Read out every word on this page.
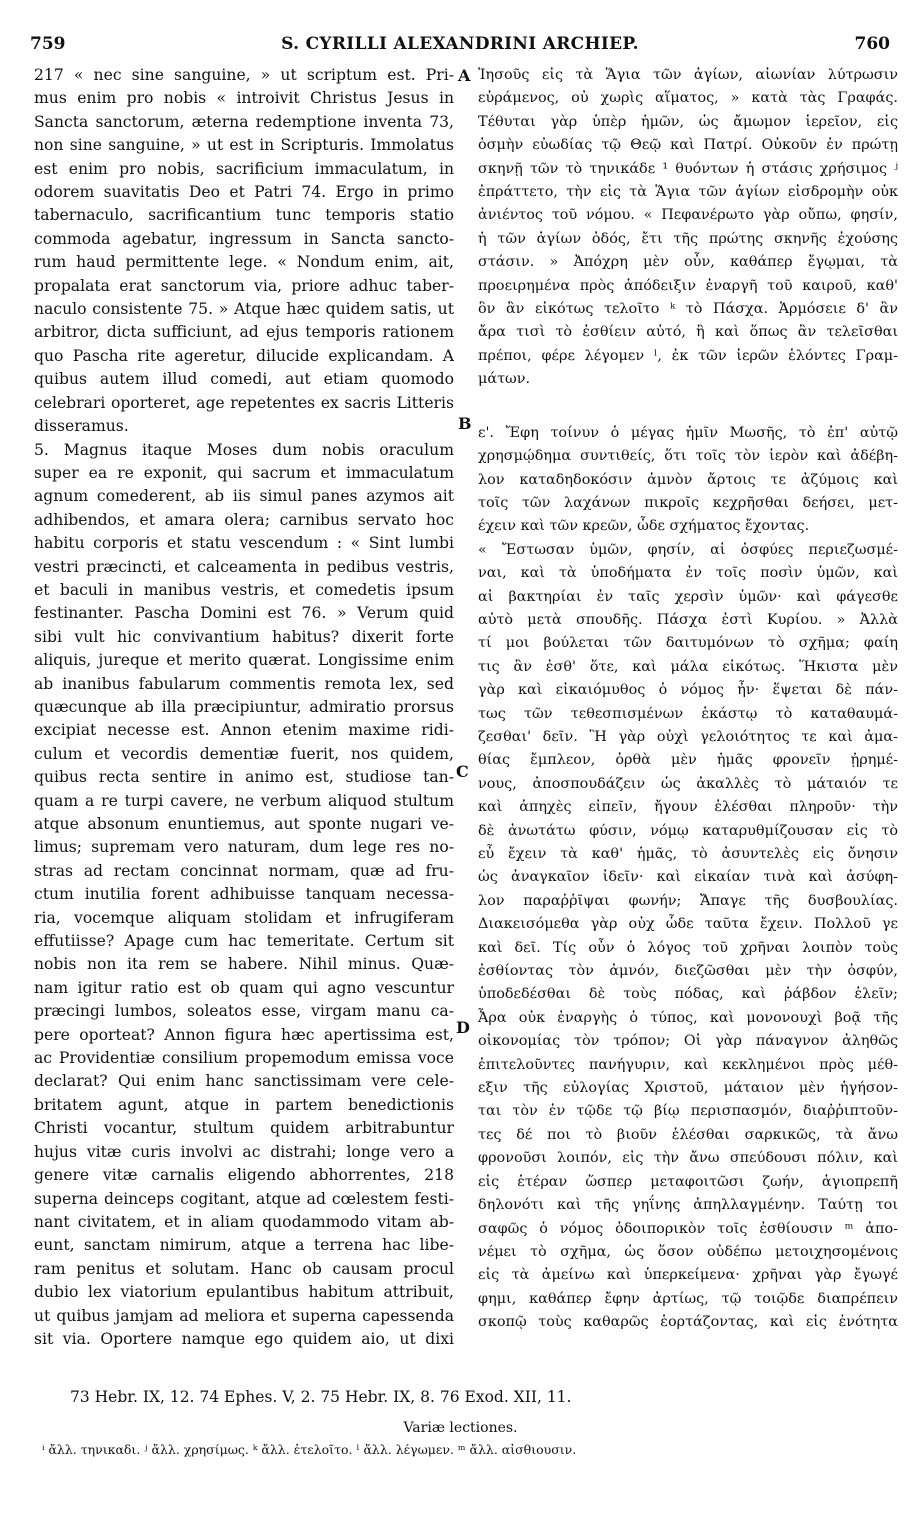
759	S. CYRILLI ALEXANDRINI ARCHIEP.	760
217 « nec sine sanguine, » ut scriptum est. Pri-
mus enim pro nobis « introivit Christus Jesus in
Sancta sanctorum, æterna redemptione inventa 73,
non sine sanguine, » ut est in Scripturis. Immolatus
est enim pro nobis, sacrificium immaculatum, in
odorem suavitatis Deo et Patri 74. Ergo in primo
tabernaculo, sacrificantium tunc temporis statio
commoda agebatur, ingressum in Sancta sancto-
rum haud permittente lege. « Nondum enim, ait,
propalata erat sanctorum via, priore adhuc taber-
naculo consistente 75. » Atque hæc quidem satis, ut
arbitror, dicta sufficiunt, ad ejus temporis rationem
quo Pascha rite ageretur, dilucide explicandam. A
quibus autem illud comedi, aut etiam quomodo
celebrari oporteret, age repetentes ex sacris Litteris
disseramus.
5. Magnus itaque Moses dum nobis oraculum
super ea re exponit, qui sacrum et immaculatum
agnum comederent, ab iis simul panes azymos ait
adhibendos, et amara olera; carnibus servato hoc
habitu corporis et statu vescendum : « Sint lumbi
vestri præcincti, et calceamenta in pedibus vestris,
et baculi in manibus vestris, et comedetis ipsum
festinanter. Pascha Domini est 76. » Verum quid
sibi vult hic convivantium habitus? dixerit forte
aliquis, jureque et merito quærat. Longissime enim
ab inanibus fabularum commentis remota lex, sed
quæcunque ab illa præcipiuntur, admiratio prorsus
excipiat necesse est. Annon etenim maxime ridi-
culum et vecordis dementiæ fuerit, nos quidem,
quibus recta sentire in animo est, studiose tan-
quam a re turpi cavere, ne verbum aliquod stultum
atque absonum enuntiemus, aut sponte nugari ve-
limus; supremam vero naturam, dum lege res no-
stras ad rectam concinnat normam, quæ ad fru-
ctum inutilia forent adhibuisse tanquam necessa-
ria, vocemque aliquam stolidam et infrugiferam
effutiisse? Apage cum hac temeritate. Certum sit
nobis non ita rem se habere. Nihil minus. Quæ-
nam igitur ratio est ob quam qui agno vescuntur
præcingi lumbos, soleatos esse, virgam manu ca-
pere oporteat? Annon figura hæc apertissima est,
ac Providentiæ consilium propemodum emissa voce
declarat? Qui enim hanc sanctissimam vere cele-
britatem agunt, atque in partem benedictionis
Christi vocantur, stultum quidem arbitrabuntur
hujus vitæ curis involvi ac distrahi; longe vero a
genere vitæ carnalis eligendo abhorrentes, 218
superna deinceps cogitant, atque ad cœlestem festi-
nant civitatem, et in aliam quodammodo vitam ab-
eunt, sanctam nimirum, atque a terrena hac libe-
ram penitus et solutam. Hanc ob causam procul
dubio lex viatorium epulantibus habitum attribuit,
ut quibus jamjam ad meliora et superna capessenda
sit via. Oportere namque ego quidem aio, ut dixi
Ἰησοῦς εἰς τὰ Ἅγια τῶν ἁγίων, αἰωνίαν λύτρωσιν
εὑράμενος, οὐ χωρὶς αἵματος, » κατὰ τὰς Γραφάς.
Τέθυται γὰρ ὑπὲρ ἡμῶν, ὡς ἄμωμον ἱερεῖον, εἰς
ὀσμὴν εὐωδίας τῷ Θεῷ καὶ Πατρί. Οὐκοῦν ἐν πρώτῃ
σκηνῇ τῶν τὸ τηνικάδε ¹ θυόντων ἡ στάσις χρήσιμος ʲ
ἐπράττετο, τὴν εἰς τὰ Ἅγια τῶν ἁγίων εἰσδρομὴν οὐκ
ἀνιέντος τοῦ νόμου. « Πεφανέρωτο γὰρ οὔπω, φησίν,
ἡ τῶν ἁγίων ὁδός, ἔτι τῆς πρώτης σκηνῆς ἐχούσης
στάσιν. » Ἀπόχρη μὲν οὖν, καθάπερ ἔγῳμαι, τὰ
προειρημένα πρὸς ἀπόδειξιν ἐναργῆ τοῦ καιροῦ, καθ'
ὃν ἂν εἰκότως τελοῖτο ᵏ τὸ Πάσχα. Ἁρμόσειε δ' ἂν
ἄρα τισὶ τὸ ἐσθίειν αὐτό, ἢ καὶ ὅπως ἂν τελεῖσθαι
πρέποι, φέρε λέγομεν ˡ, ἐκ τῶν ἱερῶν ἑλόντες Γραμ-
μάτων.
ε'. Ἔφη τοίνυν ὁ μέγας ἡμῖν Μωσῆς, τὸ ἐπ' αὐτῷ
χρησμῴδημα συντιθείς, ὅτι τοῖς τὸν ἱερὸν καὶ ἀδέβη-
λον καταδηδοκόσιν ἀμνὸν ἄρτοις τε ἀζύμοις καὶ
τοῖς τῶν λαχάνων πικροῖς κεχρῆσθαι δεήσει, μετ-
έχειν καὶ τῶν κρεῶν, ὧδε σχήματος ἔχοντας.
« Ἔστωσαν ὑμῶν, φησίν, αἱ ὀσφύες περιεζωσμέ-
ναι, καὶ τὰ ὑποδήματα ἐν τοῖς ποσὶν ὑμῶν, καὶ
αἱ βακτηρίαι ἐν ταῖς χερσὶν ὑμῶν· καὶ φάγεσθε
αὐτὸ μετὰ σπουδῆς. Πάσχα ἐστὶ Κυρίου. » Ἀλλὰ
τί μοι βούλεται τῶν δαιτυμόνων τὸ σχῆμα; φαίη
τις ἂν ἐσθ' ὅτε, καὶ μάλα εἰκότως. Ἥκιστα μὲν
γὰρ καὶ εἰκαιόμυθος ὁ νόμος ἦν· ἕψεται δὲ πάν-
τως τῶν τεθεσπισμένων ἑκάστῳ τὸ καταθαυμά-
ζεσθαι' δεῖν. Ἢ γὰρ οὐχὶ γελοιότητος τε καὶ ἀμα-
θίας ἔμπλεον, ὀρθὰ μὲν ἡμᾶς φρονεῖν ᾐρημέ-
νους, ἀποσπουδάζειν ὡς ἀκαλλὲς τὸ μάταιόν τε
καὶ ἀπηχὲς εἰπεῖν, ἤγουν ἑλέσθαι πληροῦν· τὴν
δὲ ἀνωτάτω φύσιν, νόμῳ καταρυθμίζουσαν εἰς τὸ
εὖ ἔχειν τὰ καθ' ἡμᾶς, τὸ ἀσυντελὲς εἰς ὄνησιν
ὡς ἀναγκαῖον ἰδεῖν· καὶ εἰκαίαν τινὰ καὶ ἀσύφη-
λον παραῤῥῖψαι φωνήν; Ἄπαγε τῆς δυσβουλίας.
Διακεισόμεθα γὰρ οὐχ ὧδε ταῦτα ἔχειν. Πολλοῦ γε
καὶ δεῖ. Τίς οὖν ὁ λόγος τοῦ χρῆναι λοιπὸν τοὺς
ἐσθίοντας τὸν ἀμνόν, διεζῶσθαι μὲν τὴν ὀσφύν,
ὑποδεδέσθαι δὲ τοὺς πόδας, καὶ ῥάβδον ἑλεῖν;
Ἆρα οὐκ ἐναργὴς ὁ τύπος, καὶ μονονουχὶ βοᾷ τῆς
οἰκονομίας τὸν τρόπον; Οἱ γὰρ πάναγνον ἀληθῶς
ἐπιτελοῦντες πανήγυριν, καὶ κεκλημένοι πρὸς μέθ-
εξιν τῆς εὐλογίας Χριστοῦ, μάταιον μὲν ἡγήσον-
ται τὸν ἐν τῷδε τῷ βίῳ περισπασμόν, διαῤῥιπτοῦν-
τες δέ ποι τὸ βιοῦν ἑλέσθαι σαρκικῶς, τὰ ἄνω
φρονοῦσι λοιπόν, εἰς τὴν ἄνω σπεύδουσι πόλιν, καὶ
εἰς ἑτέραν ὥσπερ μεταφοιτῶσι ζωήν, ἁγιοπρεπῆ
δηλονότι καὶ τῆς γηΐνης ἀπηλλαγμένην. Ταύτῃ τοι
σαφῶς ὁ νόμος ὁδοιπορικὸν τοῖς ἐσθίουσιν ᵐ ἀπο-
νέμει τὸ σχῆμα, ὡς ὅσον οὐδέπω μετοιχησομένοις
εἰς τὰ ἀμείνω καὶ ὑπερκείμενα· χρῆναι γὰρ ἔγωγέ
φημι, καθάπερ ἔφην ἀρτίως, τῷ τοιῷδε διαπρέπειν
σκοπῷ τοὺς καθαρῶς ἑορτάζοντας, καὶ εἰς ἑνότητα
A
B
C
D
73 Hebr. IX, 12. 74 Ephes. V, 2. 75 Hebr. IX, 8. 76 Exod. XII, 11.
Variæ lectiones.
ⁱ ἄλλ. τηνικαδι. ʲ ἄλλ. χρησίμως. ᵏ ἄλλ. ἐτελοῖτο. ˡ ἄλλ. λέγωμεν. ᵐ ἄλλ. αἰσθιουσιν.
